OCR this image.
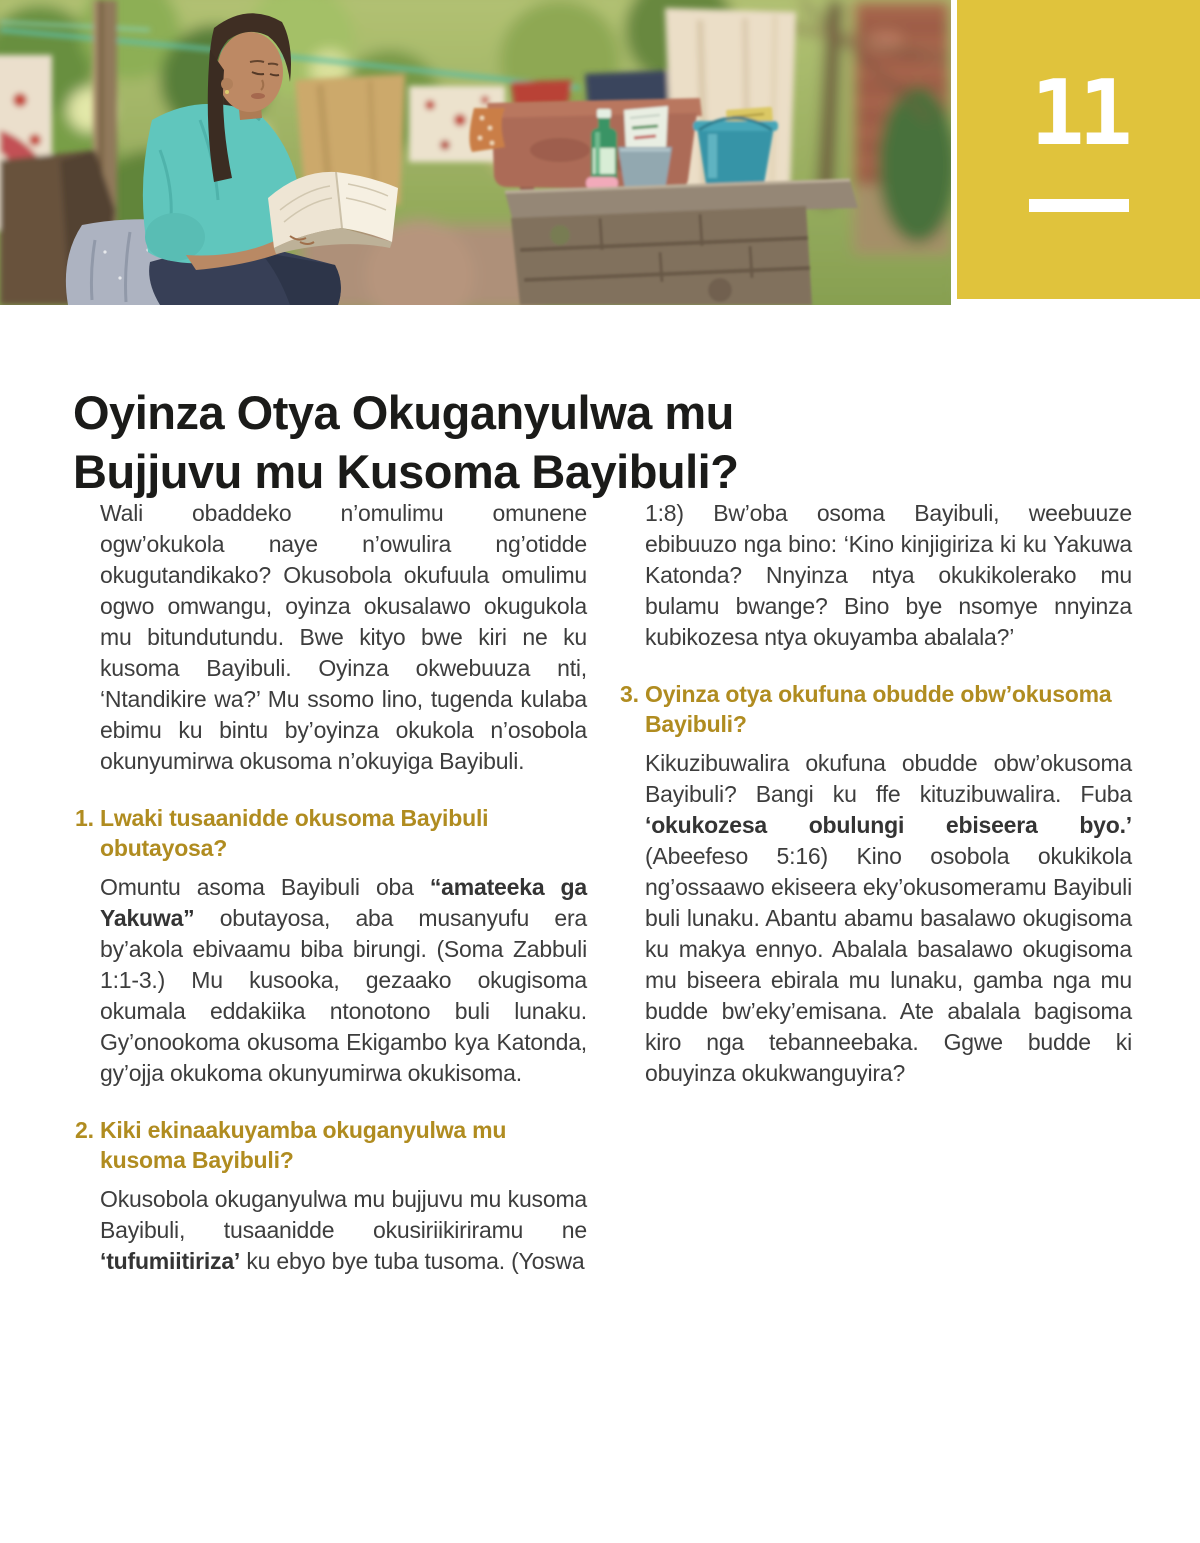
11
Oyinza Otya Okuganyulwa mu
Bujjuvu mu Kusoma Bayibuli?

Wali obaddeko n’omulimu omunene ogw’okukola naye n’owulira ng’otidde okugutandikako? Okusobola okufuula omulimu ogwo omwangu, oyinza okusalawo okugukola mu bitundutundu. Bwe kityo bwe kiri ne ku kusoma Bayibuli. Oyinza okwebuuza nti, ‘Ntandikire wa?’ Mu ssomo lino, tugenda kulaba ebimu ku bintu by’oyinza okukola n’osobola okunyumirwa okusoma n’okuyiga Bayibuli.

1. Lwaki tusaanidde okusoma Bayibuli obutayosa?

Omuntu asoma Bayibuli oba “amateeka ga Yakuwa” obutayosa, aba musanyufu era by’akola ebivaamu biba birungi. (Soma Zabbuli 1:1-3.) Mu kusooka, gezaako okugisoma okumala eddakiika ntonotono buli lunaku. Gy’onookoma okusoma Ekigambo kya Katonda, gy’ojja okukoma okunyumirwa okukisoma.

2. Kiki ekinaakuyamba okuganyulwa mu kusoma Bayibuli?

Okusobola okuganyulwa mu bujjuvu mu kusoma Bayibuli, tusaanidde okusiriikiriramu ne ‘tufumiitiriza’ ku ebyo bye tuba tusoma. (Yoswa

1:8) Bw’oba osoma Bayibuli, weebuuze ebibuuzo nga bino: ‘Kino kinjigiriza ki ku Yakuwa Katonda? Nnyinza ntya okukikolerako mu bulamu bwange? Bino bye nsomye nnyinza kubikozesa ntya okuyamba abalala?’

3. Oyinza otya okufuna obudde obw’okusoma Bayibuli?

Kikuzibuwalira okufuna obudde obw’okusoma Bayibuli? Bangi ku ffe kituzibuwalira. Fuba ‘okukozesa obulungi ebiseera byo.’ (Abeefeso 5:16) Kino osobola okukikola ng’ossaawo ekiseera eky’okusomeramu Bayibuli buli lunaku. Abantu abamu basalawo okugisoma ku makya ennyo. Abalala basalawo okugisoma mu biseera ebirala mu lunaku, gamba nga mu budde bw’eky’emisana. Ate abalala bagisoma kiro nga tebanneebaka. Ggwe budde ki obuyinza okukwanguyira?
